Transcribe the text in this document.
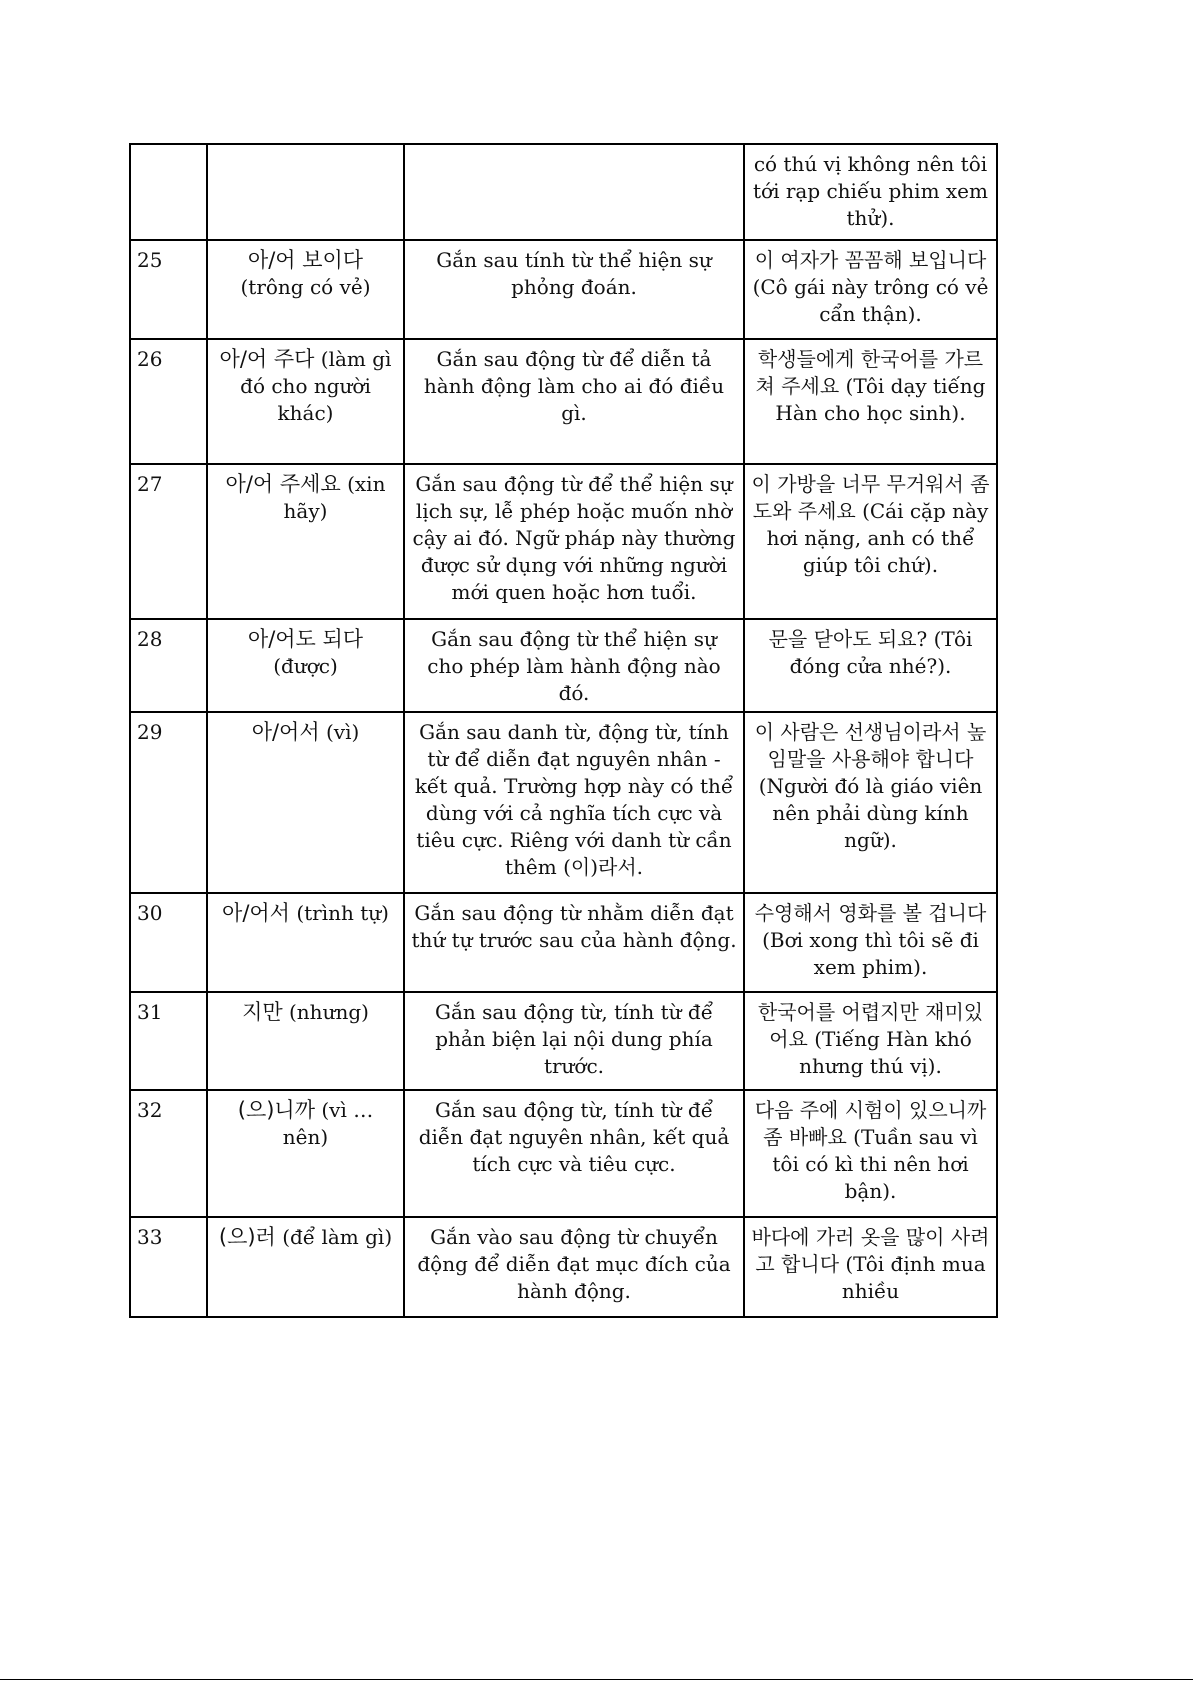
			có thú vị không nên tôi tới rạp chiếu phim xem thử).
25	아/어 보이다 (trông có vẻ)	Gắn sau tính từ thể hiện sự phỏng đoán.	이 여자가 꼼꼼해 보입니다 (Cô gái này trông có vẻ cẩn thận).
26	아/어 주다 (làm gì đó cho người khác)	Gắn sau động từ để diễn tả hành động làm cho ai đó điều gì.	학생들에게 한국어를 가르쳐 주세요 (Tôi dạy tiếng Hàn cho học sinh).
27	아/어 주세요 (xin hãy)	Gắn sau động từ để thể hiện sự lịch sự, lễ phép hoặc muốn nhờ cậy ai đó. Ngữ pháp này thường được sử dụng với những người mới quen hoặc hơn tuổi.	이 가방을 너무 무거워서 좀 도와 주세요 (Cái cặp này hơi nặng, anh có thể giúp tôi chứ).
28	아/어도 되다 (được)	Gắn sau động từ thể hiện sự cho phép làm hành động nào đó.	문을 닫아도 되요? (Tôi đóng cửa nhé?).
29	아/어서 (vì)	Gắn sau danh từ, động từ, tính từ để diễn đạt nguyên nhân - kết quả. Trường hợp này có thể dùng với cả nghĩa tích cực và tiêu cực. Riêng với danh từ cần thêm (이)라서.	이 사람은 선생님이라서 높임말을 사용해야 합니다 (Người đó là giáo viên nên phải dùng kính ngữ).
30	아/어서 (trình tự)	Gắn sau động từ nhằm diễn đạt thứ tự trước sau của hành động.	수영해서 영화를 볼 겁니다 (Bơi xong thì tôi sẽ đi xem phim).
31	지만 (nhưng)	Gắn sau động từ, tính từ để phản biện lại nội dung phía trước.	한국어를 어렵지만 재미있어요 (Tiếng Hàn khó nhưng thú vị).
32	(으)니까 (vì … nên)	Gắn sau động từ, tính từ để diễn đạt nguyên nhân, kết quả tích cực và tiêu cực.	다음 주에 시험이 있으니까 좀 바빠요 (Tuần sau vì tôi có kì thi nên hơi bận).
33	(으)러 (để làm gì)	Gắn vào sau động từ chuyển động để diễn đạt mục đích của hành động.	바다에 가러 옷을 많이 사려고 합니다 (Tôi định mua nhiều
